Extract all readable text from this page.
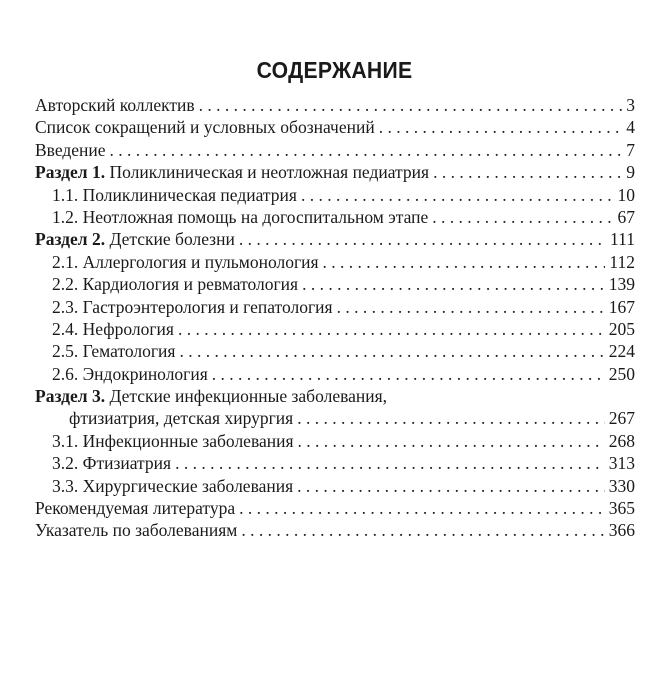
СОДЕРЖАНИЕ
Авторский коллектив . . .	3
Список сокращений и условных обозначений . . .	4
Введение . . .	7
Раздел 1. Поликлиническая и неотложная педиатрия . . .	9
1.1. Поликлиническая педиатрия . . .	10
1.2. Неотложная помощь на догоспитальном этапе . . .	67
Раздел 2. Детские болезни . . .	111
2.1. Аллергология и пульмонология . . .	112
2.2. Кардиология и ревматология . . .	139
2.3. Гастроэнтерология и гепатология . . .	167
2.4. Нефрология . . .	205
2.5. Гематология . . .	224
2.6. Эндокринология . . .	250
Раздел 3. Детские инфекционные заболевания,
фтизиатрия, детская хирургия . . .	267
3.1. Инфекционные заболевания . . .	268
3.2. Фтизиатрия . . .	313
3.3. Хирургические заболевания . . .	330
Рекомендуемая литература . . .	365
Указатель по заболеваниям . . .	366
